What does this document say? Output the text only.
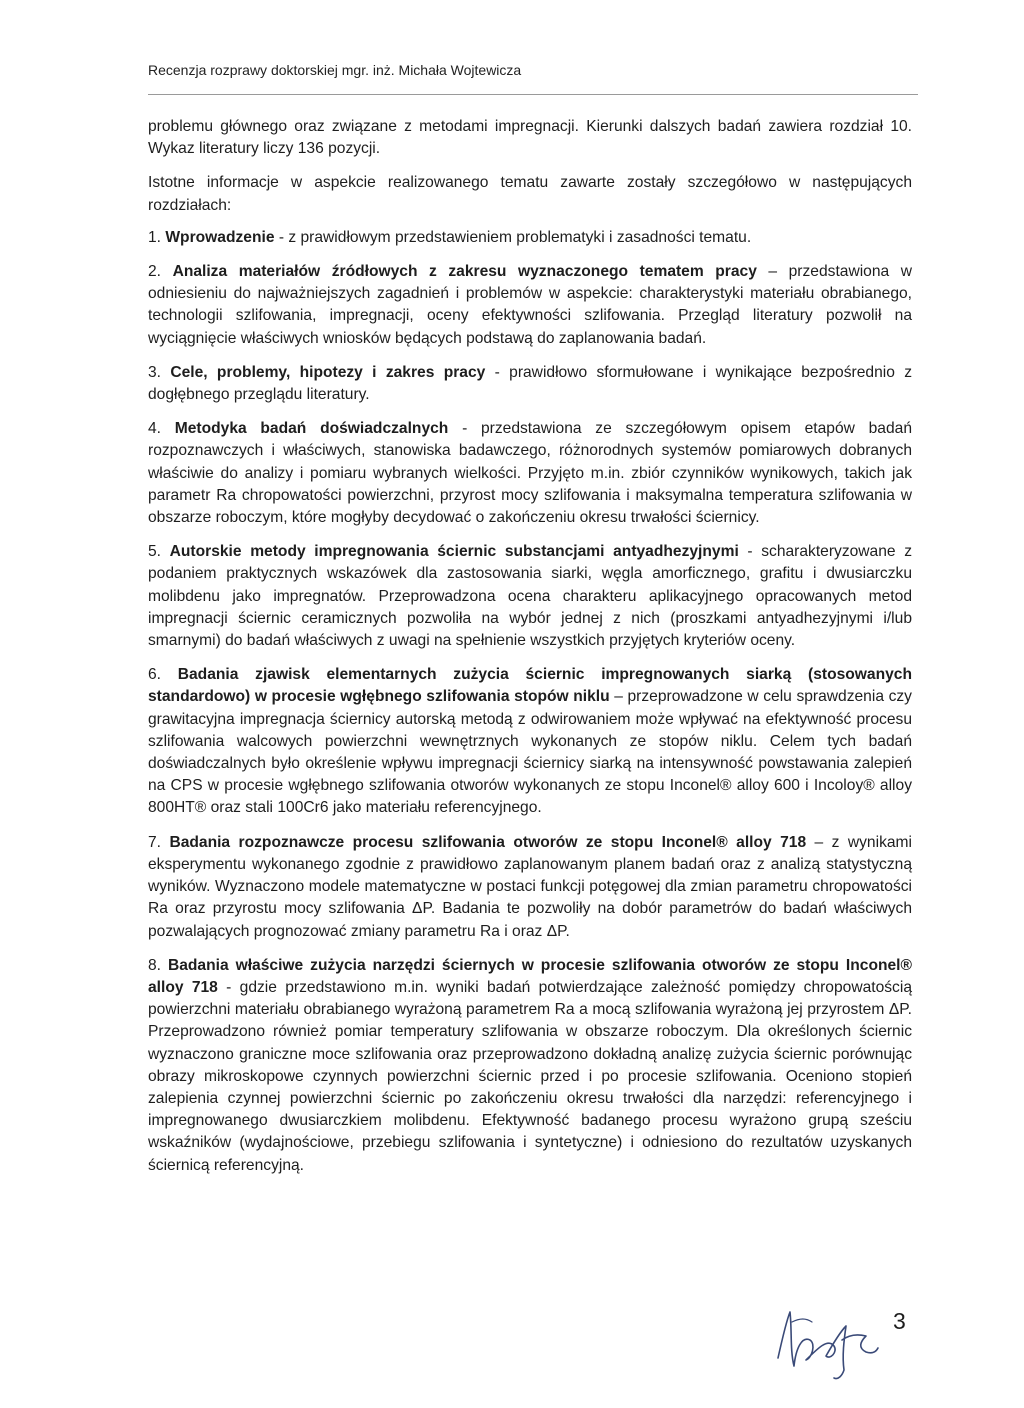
Recenzja rozprawy doktorskiej mgr. inż. Michała Wojtewicza

problemu głównego oraz związane z metodami impregnacji. Kierunki dalszych badań zawiera rozdział 10. Wykaz literatury liczy 136 pozycji.

Istotne informacje w aspekcie realizowanego tematu zawarte zostały szczegółowo w następujących rozdziałach:

1. Wprowadzenie - z prawidłowym przedstawieniem problematyki i zasadności tematu.

2. Analiza materiałów źródłowych z zakresu wyznaczonego tematem pracy – przedstawiona w odniesieniu do najważniejszych zagadnień i problemów w aspekcie: charakterystyki materiału obrabianego, technologii szlifowania, impregnacji, oceny efektywności szlifowania. Przegląd literatury pozwolił na wyciągnięcie właściwych wniosków będących podstawą do zaplanowania badań.

3. Cele, problemy, hipotezy i zakres pracy - prawidłowo sformułowane i wynikające bezpośrednio z dogłębnego przeglądu literatury.

4. Metodyka badań doświadczalnych - przedstawiona ze szczegółowym opisem etapów badań rozpoznawczych i właściwych, stanowiska badawczego, różnorodnych systemów pomiarowych dobranych właściwie do analizy i pomiaru wybranych wielkości. Przyjęto m.in. zbiór czynników wynikowych, takich jak parametr Ra chropowatości powierzchni, przyrost mocy szlifowania i maksymalna temperatura szlifowania w obszarze roboczym, które mogłyby decydować o zakończeniu okresu trwałości ściernicy.

5. Autorskie metody impregnowania ściernic substancjami antyadhezyjnymi - scharakteryzowane z podaniem praktycznych wskazówek dla zastosowania siarki, węgla amorficznego, grafitu i dwusiarczku molibdenu jako impregnatów. Przeprowadzona ocena charakteru aplikacyjnego opracowanych metod impregnacji ściernic ceramicznych pozwoliła na wybór jednej z nich (proszkami antyadhezyjnymi i/lub smarnymi) do badań właściwych z uwagi na spełnienie wszystkich przyjętych kryteriów oceny.

6. Badania zjawisk elementarnych zużycia ściernic impregnowanych siarką (stosowanych standardowo) w procesie wgłębnego szlifowania stopów niklu – przeprowadzone w celu sprawdzenia czy grawitacyjna impregnacja ściernicy autorską metodą z odwirowaniem może wpływać na efektywność procesu szlifowania walcowych powierzchni wewnętrznych wykonanych ze stopów niklu. Celem tych badań doświadczalnych było określenie wpływu impregnacji ściernicy siarką na intensywność powstawania zalepień na CPS w procesie wgłębnego szlifowania otworów wykonanych ze stopu Inconel® alloy 600 i Incoloy® alloy 800HT® oraz stali 100Cr6 jako materiału referencyjnego.

7. Badania rozpoznawcze procesu szlifowania otworów ze stopu Inconel® alloy 718 – z wynikami eksperymentu wykonanego zgodnie z prawidłowo zaplanowanym planem badań oraz z analizą statystyczną wyników. Wyznaczono modele matematyczne w postaci funkcji potęgowej dla zmian parametru chropowatości Ra oraz przyrostu mocy szlifowania ΔP. Badania te pozwoliły na dobór parametrów do badań właściwych pozwalających prognozować zmiany parametru Ra i oraz ΔP.

8. Badania właściwe zużycia narzędzi ściernych w procesie szlifowania otworów ze stopu Inconel® alloy 718 - gdzie przedstawiono m.in. wyniki badań potwierdzające zależność pomiędzy chropowatością powierzchni materiału obrabianego wyrażoną parametrem Ra a mocą szlifowania wyrażoną jej przyrostem ΔP. Przeprowadzono również pomiar temperatury szlifowania w obszarze roboczym. Dla określonych ściernic wyznaczono graniczne moce szlifowania oraz przeprowadzono dokładną analizę zużycia ściernic porównując obrazy mikroskopowe czynnych powierzchni ściernic przed i po procesie szlifowania. Oceniono stopień zalepienia czynnej powierzchni ściernic po zakończeniu okresu trwałości dla narzędzi: referencyjnego i impregnowanego dwusiarczkiem molibdenu. Efektywność badanego procesu wyrażono grupą sześciu wskaźników (wydajnościowe, przebiegu szlifowania i syntetyczne) i odniesiono do rezultatów uzyskanych ściernicą referencyjną.

3
